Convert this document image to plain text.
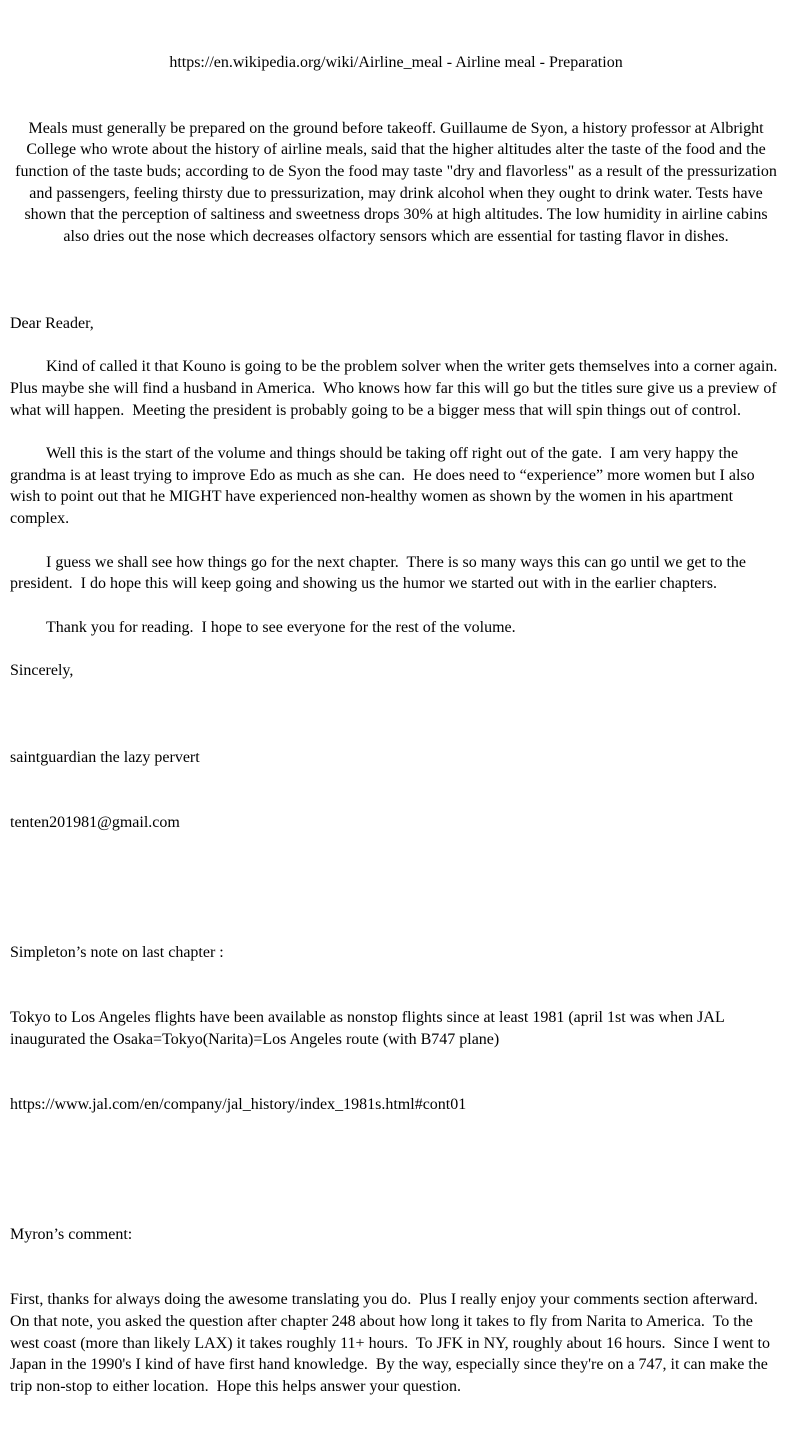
https://en.wikipedia.org/wiki/Airline_meal - Airline meal - Preparation

Meals must generally be prepared on the ground before takeoff. Guillaume de Syon, a history professor at Albright College who wrote about the history of airline meals, said that the higher altitudes alter the taste of the food and the function of the taste buds; according to de Syon the food may taste "dry and flavorless" as a result of the pressurization and passengers, feeling thirsty due to pressurization, may drink alcohol when they ought to drink water. Tests have shown that the perception of saltiness and sweetness drops 30% at high altitudes. The low humidity in airline cabins also dries out the nose which decreases olfactory sensors which are essential for tasting flavor in dishes.

Dear Reader,

Kind of called it that Kouno is going to be the problem solver when the writer gets themselves into a corner again.  Plus maybe she will find a husband in America.  Who knows how far this will go but the titles sure give us a preview of what will happen.  Meeting the president is probably going to be a bigger mess that will spin things out of control.

Well this is the start of the volume and things should be taking off right out of the gate.  I am very happy the grandma is at least trying to improve Edo as much as she can.  He does need to “experience” more women but I also wish to point out that he MIGHT have experienced non-healthy women as shown by the women in his apartment complex.

I guess we shall see how things go for the next chapter.  There is so many ways this can go until we get to the president.  I do hope this will keep going and showing us the humor we started out with in the earlier chapters.

Thank you for reading.  I hope to see everyone for the rest of the volume.

Sincerely,

saintguardian the lazy pervert

tenten201981@gmail.com

Simpleton’s note on last chapter :

Tokyo to Los Angeles flights have been available as nonstop flights since at least 1981 (april 1st was when JAL inaugurated the Osaka=Tokyo(Narita)=Los Angeles route (with B747 plane)

https://www.jal.com/en/company/jal_history/index_1981s.html#cont01

Myron’s comment:

First, thanks for always doing the awesome translating you do.  Plus I really enjoy your comments section afterward.  On that note, you asked the question after chapter 248 about how long it takes to fly from Narita to America.  To the west coast (more than likely LAX) it takes roughly 11+ hours.  To JFK in NY, roughly about 16 hours.  Since I went to Japan in the 1990's I kind of have first hand knowledge.  By the way, especially since they're on a 747, it can make the trip non-stop to either location.  Hope this helps answer your question.
